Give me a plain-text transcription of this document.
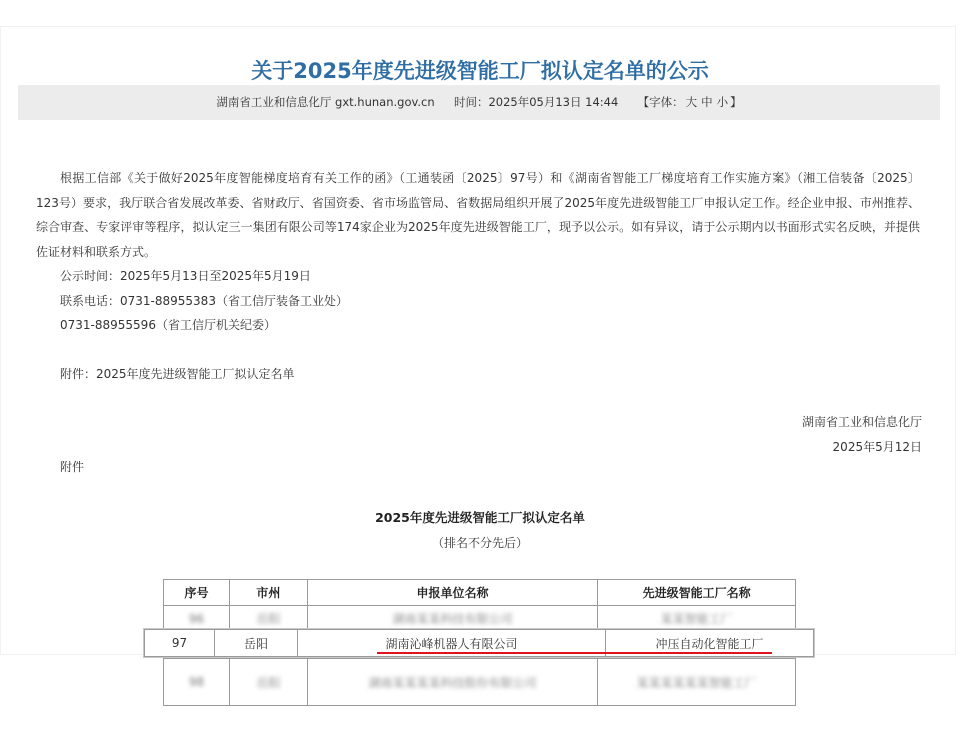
关于2025年度先进级智能工厂拟认定名单的公示
湖南省工业和信息化厅 gxt.hunan.gov.cn 时间：2025年05月13日 14:44 【字体： 大 中 小 】

根据工信部《关于做好2025年度智能梯度培育有关工作的函》（工通装函〔2025〕97号）和《湖南省智能工厂梯度培育工作实施方案》（湘工信装备〔2025〕123号）要求，我厅联合省发展改革委、省财政厅、省国资委、省市场监管局、省数据局组织开展了2025年度先进级智能工厂申报认定工作。经企业申报、市州推荐、综合审查、专家评审等程序，拟认定三一集团有限公司等174家企业为2025年度先进级智能工厂，现予以公示。如有异议，请于公示期内以书面形式实名反映，并提供佐证材料和联系方式。

公示时间：2025年5月13日至2025年5月19日

联系电话：0731-88955383（省工信厅装备工业处）

0731-88955596（省工信厅机关纪委）

附件：2025年度先进级智能工厂拟认定名单

湖南省工业和信息化厅
2025年5月12日
附件
2025年度先进级智能工厂拟认定名单
（排名不分先后）
序号	市州	申报单位名称	先进级智能工厂名称
96	岳阳	湖南某某科技有限公司	某某智能工厂

98	岳阳	湖南某某某某科技股份有限公司	某某某某某某智能工厂
97	岳阳	湖南沁峰机器人有限公司	冲压自动化智能工厂
